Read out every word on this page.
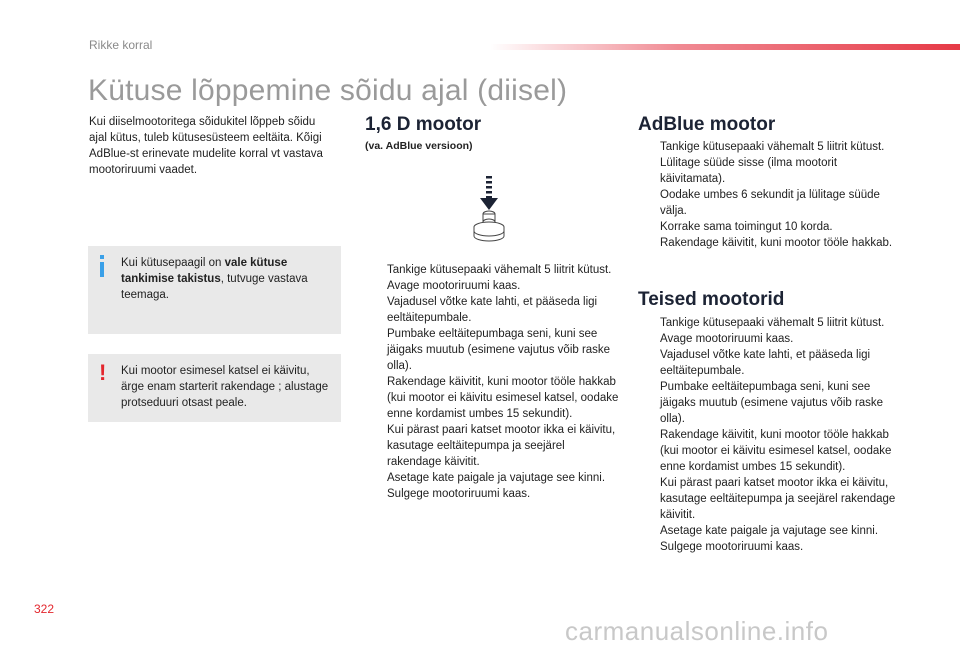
Rikke korral
Kütuse lõppemine sõidu ajal (diisel)
Kui diiselmootoritega sõidukitel lõppeb sõidu ajal kütus, tuleb kütusesüsteem eeltäita. Kõigi AdBlue-st erinevate mudelite korral vt vastava mootoriruumi vaadet.
Kui kütusepaagil on vale kütuse tankimise takistus, tutvuge vastava teemaga.
! Kui mootor esimesel katsel ei käivitu, ärge enam starterit rakendage ; alustage protseduuri otsast peale.
1,6 D mootor
(va. AdBlue versioon)
Tankige kütusepaaki vähemalt 5 liitrit kütust.
Avage mootoriruumi kaas.
Vajadusel võtke kate lahti, et pääseda ligi eeltäitepumbale.
Pumbake eeltäitepumbaga seni, kuni see jäigaks muutub (esimene vajutus võib raske olla).
Rakendage käivitit, kuni mootor tööle hakkab (kui mootor ei käivitu esimesel katsel, oodake enne kordamist umbes 15 sekundit).
Kui pärast paari katset mootor ikka ei käivitu, kasutage eeltäitepumpa ja seejärel rakendage käivitit.
Asetage kate paigale ja vajutage see kinni.
Sulgege mootoriruumi kaas.
AdBlue mootor
Tankige kütusepaaki vähemalt 5 liitrit kütust.
Lülitage süüde sisse (ilma mootorit käivitamata).
Oodake umbes 6 sekundit ja lülitage süüde välja.
Korrake sama toimingut 10 korda.
Rakendage käivitit, kuni mootor tööle hakkab.
Teised mootorid
Tankige kütusepaaki vähemalt 5 liitrit kütust.
Avage mootoriruumi kaas.
Vajadusel võtke kate lahti, et pääseda ligi eeltäitepumbale.
Pumbake eeltäitepumbaga seni, kuni see jäigaks muutub (esimene vajutus võib raske olla).
Rakendage käivitit, kuni mootor tööle hakkab (kui mootor ei käivitu esimesel katsel, oodake enne kordamist umbes 15 sekundit).
Kui pärast paari katset mootor ikka ei käivitu, kasutage eeltäitepumpa ja seejärel rakendage käivitit.
Asetage kate paigale ja vajutage see kinni.
Sulgege mootoriruumi kaas.
322
carmanualsonline.info
